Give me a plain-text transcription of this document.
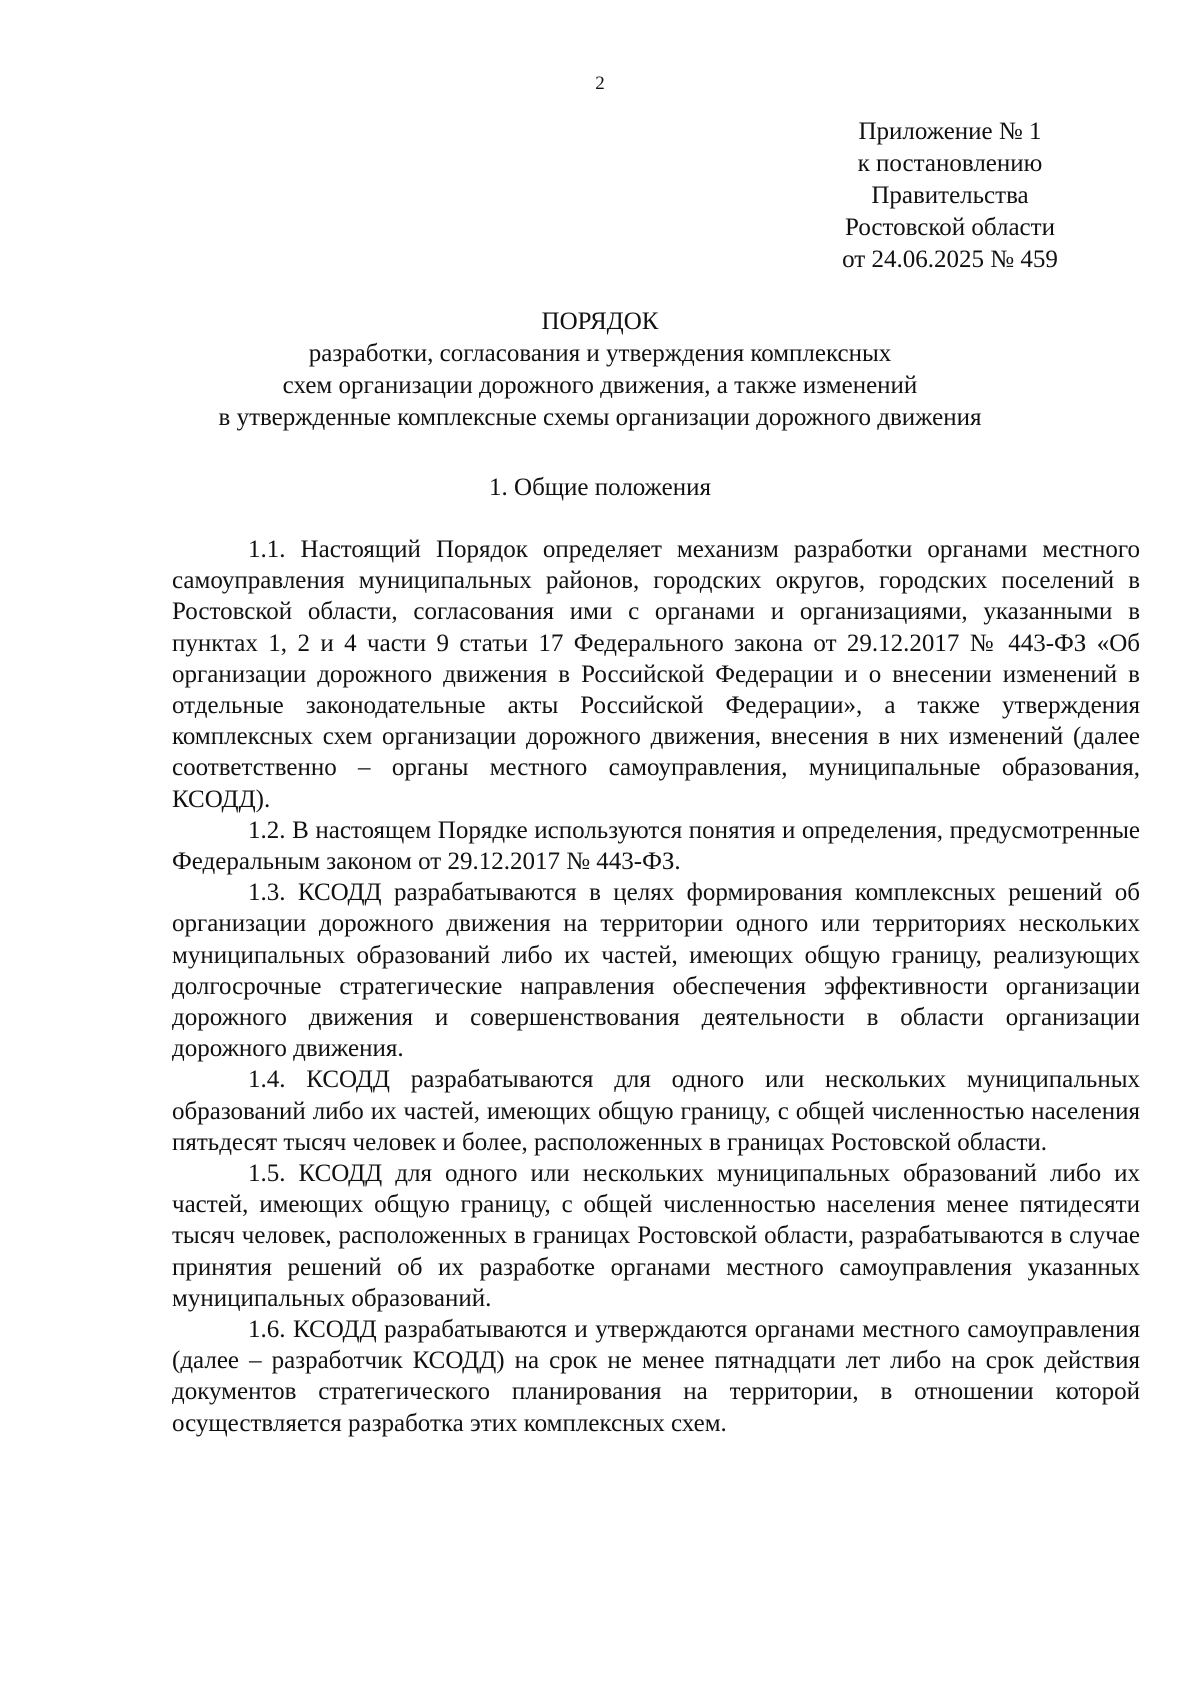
2
Приложение № 1
к постановлению
Правительства
Ростовской области
от 24.06.2025 № 459
ПОРЯДОК
разработки, согласования и утверждения комплексных
схем организации дорожного движения, а также изменений
в утвержденные комплексные схемы организации дорожного движения
1. Общие положения

1.1. Настоящий Порядок определяет механизм разработки органами местного самоуправления муниципальных районов, городских округов, городских поселений в Ростовской области, согласования ими с органами и организациями, указанными в пунктах 1, 2 и 4 части 9 статьи 17 Федерального закона от 29.12.2017 № 443-ФЗ «Об организации дорожного движения в Российской Федерации и о внесении изменений в отдельные законодательные акты Российской Федерации», а также утверждения комплексных схем организации дорожного движения, внесения в них изменений (далее соответственно – органы местного самоуправления, муниципальные образования, КСОДД).

1.2. В настоящем Порядке используются понятия и определения, предусмотренные Федеральным законом от 29.12.2017 № 443-ФЗ.

1.3. КСОДД разрабатываются в целях формирования комплексных решений об организации дорожного движения на территории одного или территориях нескольких муниципальных образований либо их частей, имеющих общую границу, реализующих долгосрочные стратегические направления обеспечения эффективности организации дорожного движения и совершенствования деятельности в области организации дорожного движения.

1.4. КСОДД разрабатываются для одного или нескольких муниципальных образований либо их частей, имеющих общую границу, с общей численностью населения пятьдесят тысяч человек и более, расположенных в границах Ростовской области.

1.5. КСОДД для одного или нескольких муниципальных образований либо их частей, имеющих общую границу, с общей численностью населения менее пятидесяти тысяч человек, расположенных в границах Ростовской области, разрабатываются в случае принятия решений об их разработке органами местного самоуправления указанных муниципальных образований.

1.6. КСОДД разрабатываются и утверждаются органами местного самоуправления (далее – разработчик КСОДД) на срок не менее пятнадцати лет либо на срок действия документов стратегического планирования на территории, в отношении которой осуществляется разработка этих комплексных схем.
